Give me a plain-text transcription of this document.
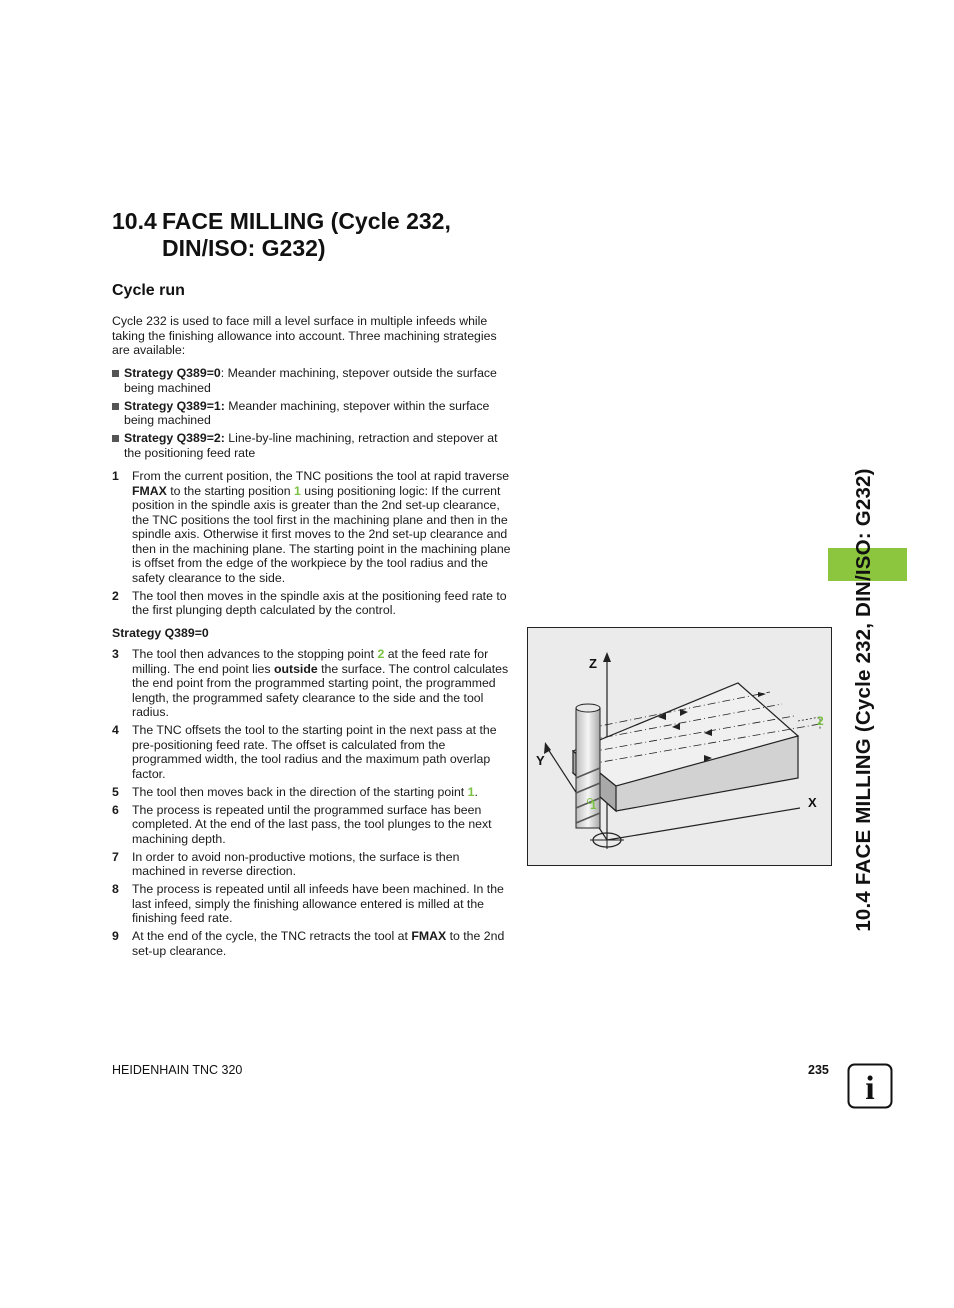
10.4 FACE MILLING (Cycle 232,
DIN/ISO: G232)
Cycle run

Cycle 232 is used to face mill a level surface in multiple infeeds while taking the finishing allowance into account. Three machining strategies are available:

Strategy Q389=0: Meander machining, stepover outside the surface being machined
Strategy Q389=1: Meander machining, stepover within the surface being machined
Strategy Q389=2: Line-by-line machining, retraction and stepover at the positioning feed rate
1 From the current position, the TNC positions the tool at rapid traverse FMAX to the starting position 1 using positioning logic: If the current position in the spindle axis is greater than the 2nd set-up clearance, the TNC positions the tool first in the machining plane and then in the spindle axis. Otherwise it first moves to the 2nd set-up clearance and then in the machining plane. The starting point in the machining plane is offset from the edge of the workpiece by the tool radius and the safety clearance to the side.
2 The tool then moves in the spindle axis at the positioning feed rate to the first plunging depth calculated by the control.
Strategy Q389=0
3 The tool then advances to the stopping point 2 at the feed rate for milling. The end point lies outside the surface. The control calculates the end point from the programmed starting point, the programmed length, the programmed safety clearance to the side and the tool radius.
4 The TNC offsets the tool to the starting point in the next pass at the pre-positioning feed rate. The offset is calculated from the programmed width, the tool radius and the maximum path overlap factor.
5 The tool then moves back in the direction of the starting point 1.
6 The process is repeated until the programmed surface has been completed. At the end of the last pass, the tool plunges to the next machining depth.
7 In order to avoid non-productive motions, the surface is then machined in reverse direction.
8 The process is repeated until all infeeds have been machined. In the last infeed, simply the finishing allowance entered is milled at the finishing feed rate.
9 At the end of the cycle, the TNC retracts the tool at FMAX to the 2nd set-up clearance.
Z
Y
X
1
2 10.4 FACE MILLING (Cycle 232, DIN/ISO: G232)
HEIDENHAIN TNC 320	235 i
